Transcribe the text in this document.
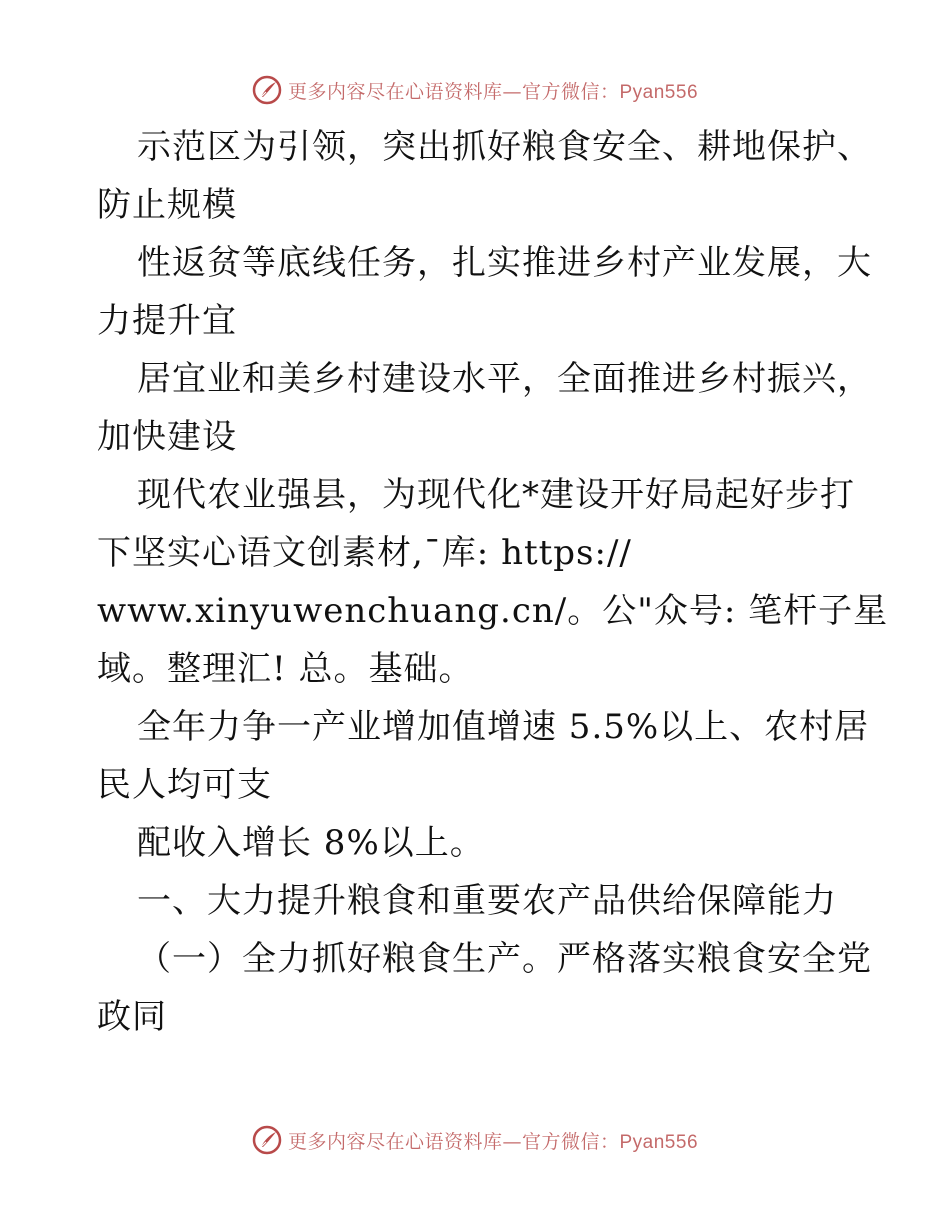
更多内容尽在心语资料库—官方微信：Pyan556
示范区为引领，突出抓好粮食安全、耕地保护、
防止规模
性返贫等底线任务，扎实推进乡村产业发展，大
力提升宜
居宜业和美乡村建设水平，全面推进乡村振兴，
加快建设
现代农业强县，为现代化*建设开好局起好步打
下坚实心语文创素材,¯库: https://
www.xinyuwenchuang.cn/。公"众号: 笔杆子星
域。整理汇! 总。基础。
全年力争一产业增加值增速 5.5%以上、农村居
民人均可支
配收入增长 8%以上。
一、大力提升粮食和重要农产品供给保障能力
（一）全力抓好粮食生产。严格落实粮食安全党
政同
更多内容尽在心语资料库—官方微信：Pyan556
